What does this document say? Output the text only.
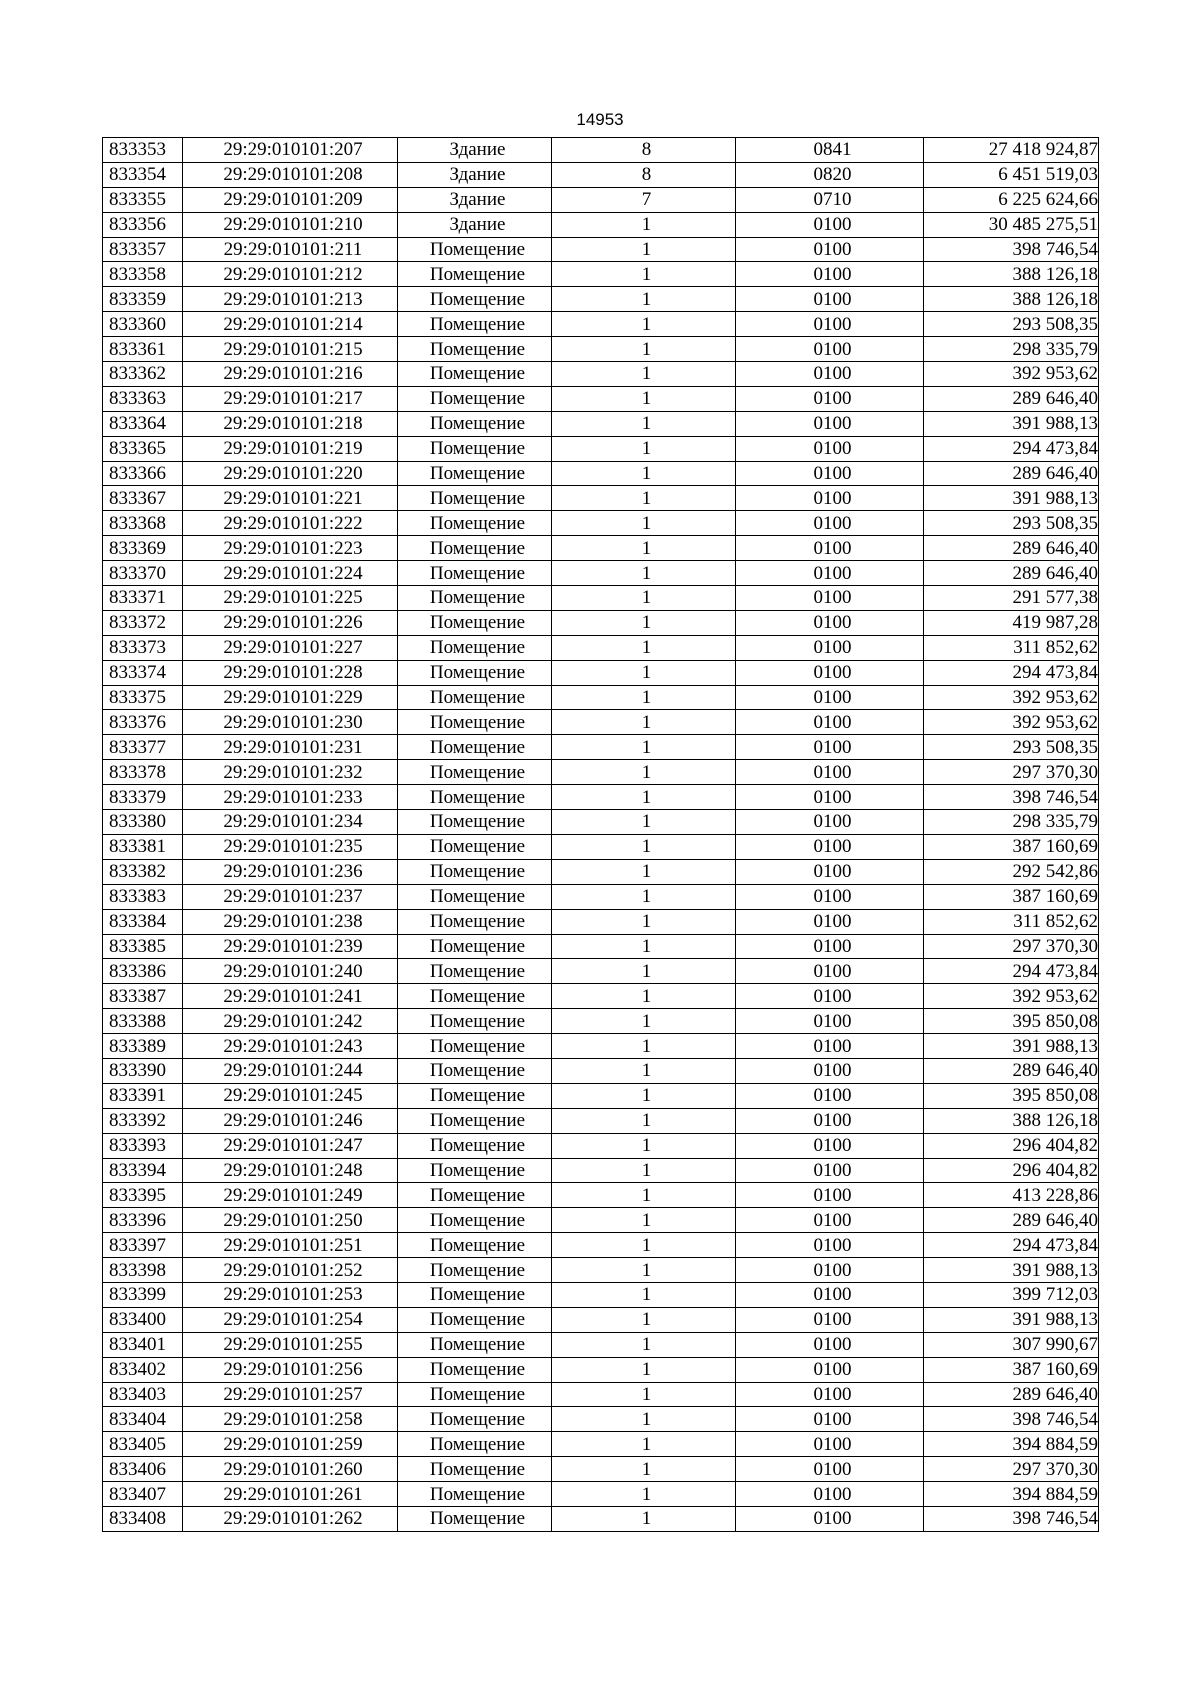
14953
833353	29:29:010101:207	Здание	8	0841	27 418 924,87
833354	29:29:010101:208	Здание	8	0820	6 451 519,03
833355	29:29:010101:209	Здание	7	0710	6 225 624,66
833356	29:29:010101:210	Здание	1	0100	30 485 275,51
833357	29:29:010101:211	Помещение	1	0100	398 746,54
833358	29:29:010101:212	Помещение	1	0100	388 126,18
833359	29:29:010101:213	Помещение	1	0100	388 126,18
833360	29:29:010101:214	Помещение	1	0100	293 508,35
833361	29:29:010101:215	Помещение	1	0100	298 335,79
833362	29:29:010101:216	Помещение	1	0100	392 953,62
833363	29:29:010101:217	Помещение	1	0100	289 646,40
833364	29:29:010101:218	Помещение	1	0100	391 988,13
833365	29:29:010101:219	Помещение	1	0100	294 473,84
833366	29:29:010101:220	Помещение	1	0100	289 646,40
833367	29:29:010101:221	Помещение	1	0100	391 988,13
833368	29:29:010101:222	Помещение	1	0100	293 508,35
833369	29:29:010101:223	Помещение	1	0100	289 646,40
833370	29:29:010101:224	Помещение	1	0100	289 646,40
833371	29:29:010101:225	Помещение	1	0100	291 577,38
833372	29:29:010101:226	Помещение	1	0100	419 987,28
833373	29:29:010101:227	Помещение	1	0100	311 852,62
833374	29:29:010101:228	Помещение	1	0100	294 473,84
833375	29:29:010101:229	Помещение	1	0100	392 953,62
833376	29:29:010101:230	Помещение	1	0100	392 953,62
833377	29:29:010101:231	Помещение	1	0100	293 508,35
833378	29:29:010101:232	Помещение	1	0100	297 370,30
833379	29:29:010101:233	Помещение	1	0100	398 746,54
833380	29:29:010101:234	Помещение	1	0100	298 335,79
833381	29:29:010101:235	Помещение	1	0100	387 160,69
833382	29:29:010101:236	Помещение	1	0100	292 542,86
833383	29:29:010101:237	Помещение	1	0100	387 160,69
833384	29:29:010101:238	Помещение	1	0100	311 852,62
833385	29:29:010101:239	Помещение	1	0100	297 370,30
833386	29:29:010101:240	Помещение	1	0100	294 473,84
833387	29:29:010101:241	Помещение	1	0100	392 953,62
833388	29:29:010101:242	Помещение	1	0100	395 850,08
833389	29:29:010101:243	Помещение	1	0100	391 988,13
833390	29:29:010101:244	Помещение	1	0100	289 646,40
833391	29:29:010101:245	Помещение	1	0100	395 850,08
833392	29:29:010101:246	Помещение	1	0100	388 126,18
833393	29:29:010101:247	Помещение	1	0100	296 404,82
833394	29:29:010101:248	Помещение	1	0100	296 404,82
833395	29:29:010101:249	Помещение	1	0100	413 228,86
833396	29:29:010101:250	Помещение	1	0100	289 646,40
833397	29:29:010101:251	Помещение	1	0100	294 473,84
833398	29:29:010101:252	Помещение	1	0100	391 988,13
833399	29:29:010101:253	Помещение	1	0100	399 712,03
833400	29:29:010101:254	Помещение	1	0100	391 988,13
833401	29:29:010101:255	Помещение	1	0100	307 990,67
833402	29:29:010101:256	Помещение	1	0100	387 160,69
833403	29:29:010101:257	Помещение	1	0100	289 646,40
833404	29:29:010101:258	Помещение	1	0100	398 746,54
833405	29:29:010101:259	Помещение	1	0100	394 884,59
833406	29:29:010101:260	Помещение	1	0100	297 370,30
833407	29:29:010101:261	Помещение	1	0100	394 884,59
833408	29:29:010101:262	Помещение	1	0100	398 746,54
